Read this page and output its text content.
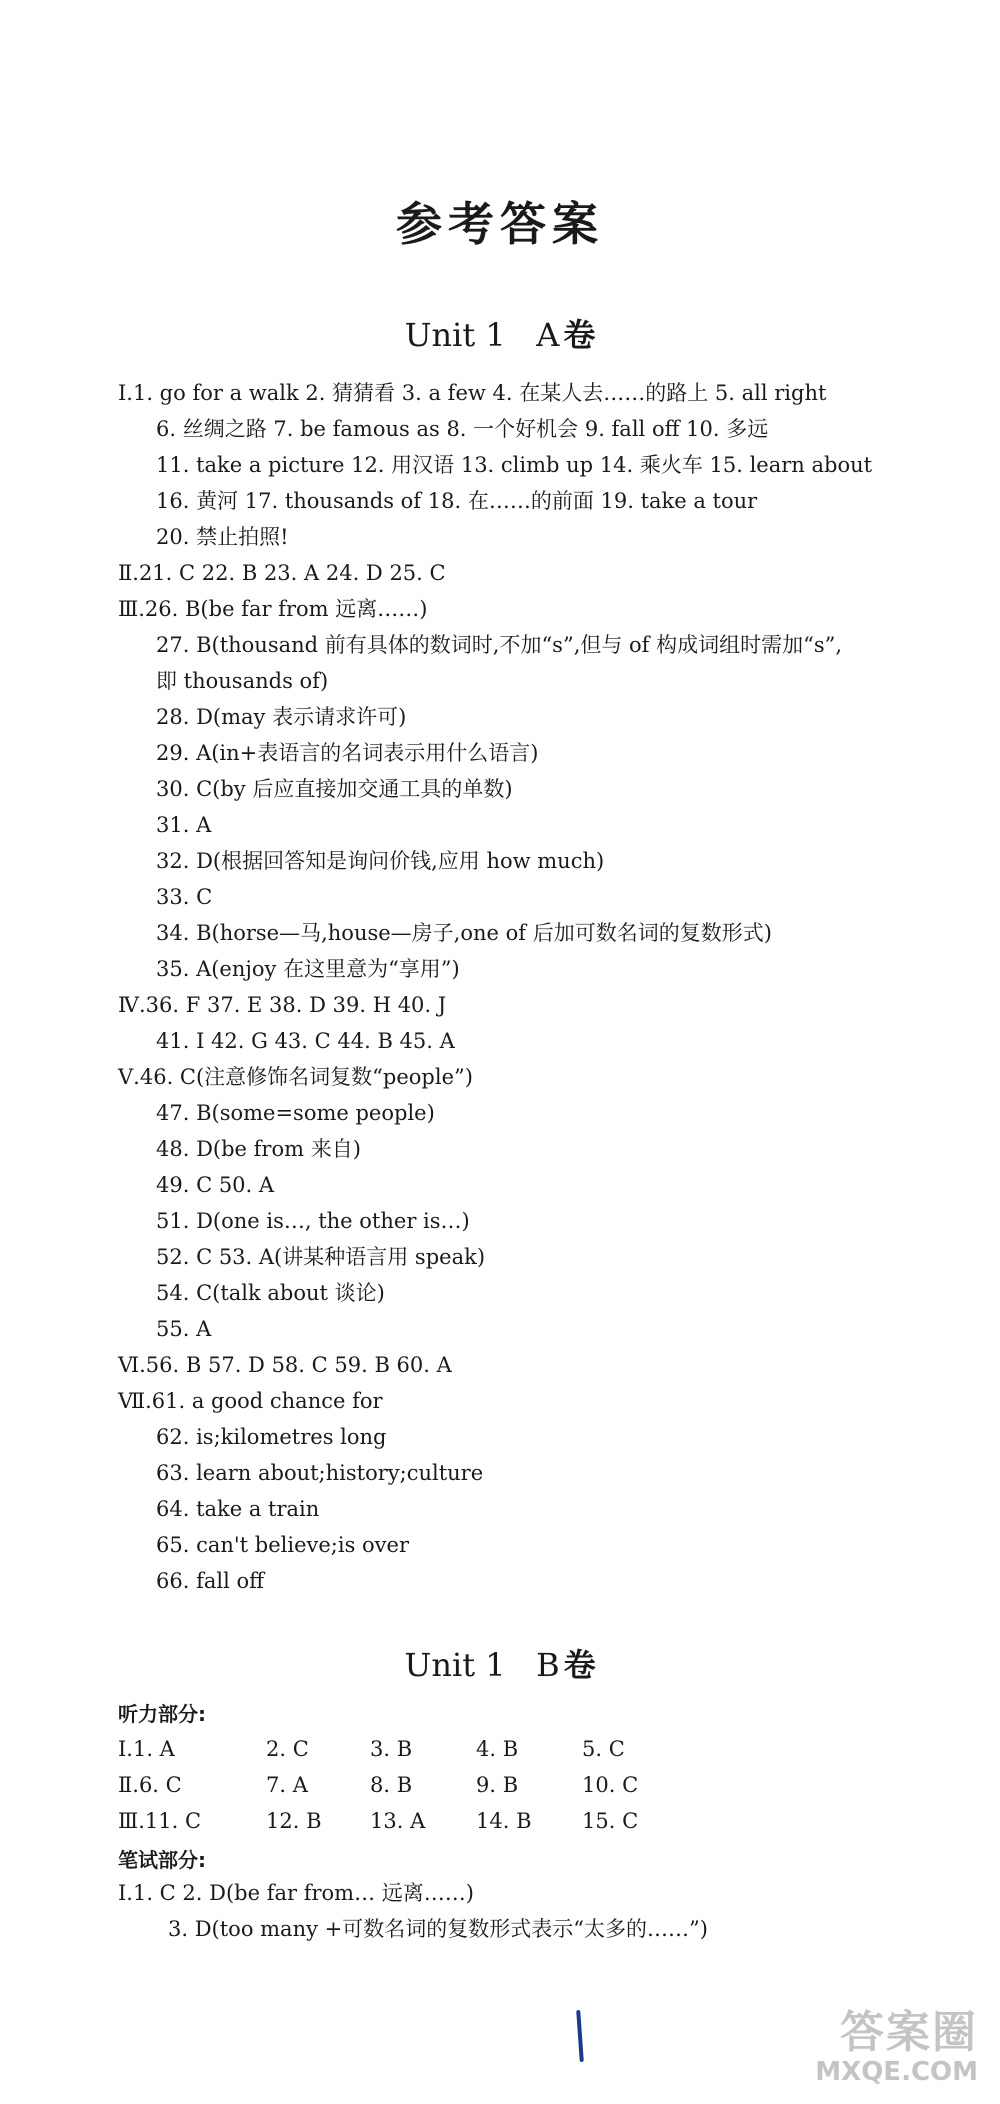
参考答案
Unit 1 A 卷
Ⅰ.1. go for a walk 2. 猜猜看 3. a few 4. 在某人去……的路上 5. all right
6. 丝绸之路 7. be famous as 8. 一个好机会 9. fall off 10. 多远
11. take a picture 12. 用汉语 13. climb up 14. 乘火车 15. learn about
16. 黄河 17. thousands of 18. 在……的前面 19. take a tour
20. 禁止拍照!
Ⅱ.21. C 22. B 23. A 24. D 25. C
Ⅲ.26. B(be far from 远离……)
27. B(thousand 前有具体的数词时,不加“s”,但与 of 构成词组时需加“s”,
即 thousands of)
28. D(may 表示请求许可)
29. A(in+表语言的名词表示用什么语言)
30. C(by 后应直接加交通工具的单数)
31. A
32. D(根据回答知是询问价钱,应用 how much)
33. C
34. B(horse—马,house—房子,one of 后加可数名词的复数形式)
35. A(enjoy 在这里意为“享用”)
Ⅳ.36. F 37. E 38. D 39. H 40. J
41. I 42. G 43. C 44. B 45. A
Ⅴ.46. C(注意修饰名词复数“people”)
47. B(some=some people)
48. D(be from 来自)
49. C 50. A
51. D(one is…, the other is…)
52. C 53. A(讲某种语言用 speak)
54. C(talk about 谈论)
55. A
Ⅵ.56. B 57. D 58. C 59. B 60. A
Ⅶ.61. a good chance for
62. is;kilometres long
63. learn about;history;culture
64. take a train
65. can't believe;is over
66. fall off
Unit 1 B 卷
听力部分:
Ⅰ.1. A	2. C	3. B	4. B	5. C
Ⅱ.6. C	7. A	8. B	9. B	10. C
Ⅲ.11. C	12. B 13. A 14. B 15. C
笔试部分:
Ⅰ.1. C 2. D(be far from… 远离……)
3. D(too many +可数名词的复数形式表示“太多的……”)
答案圈
MXQE.COM
